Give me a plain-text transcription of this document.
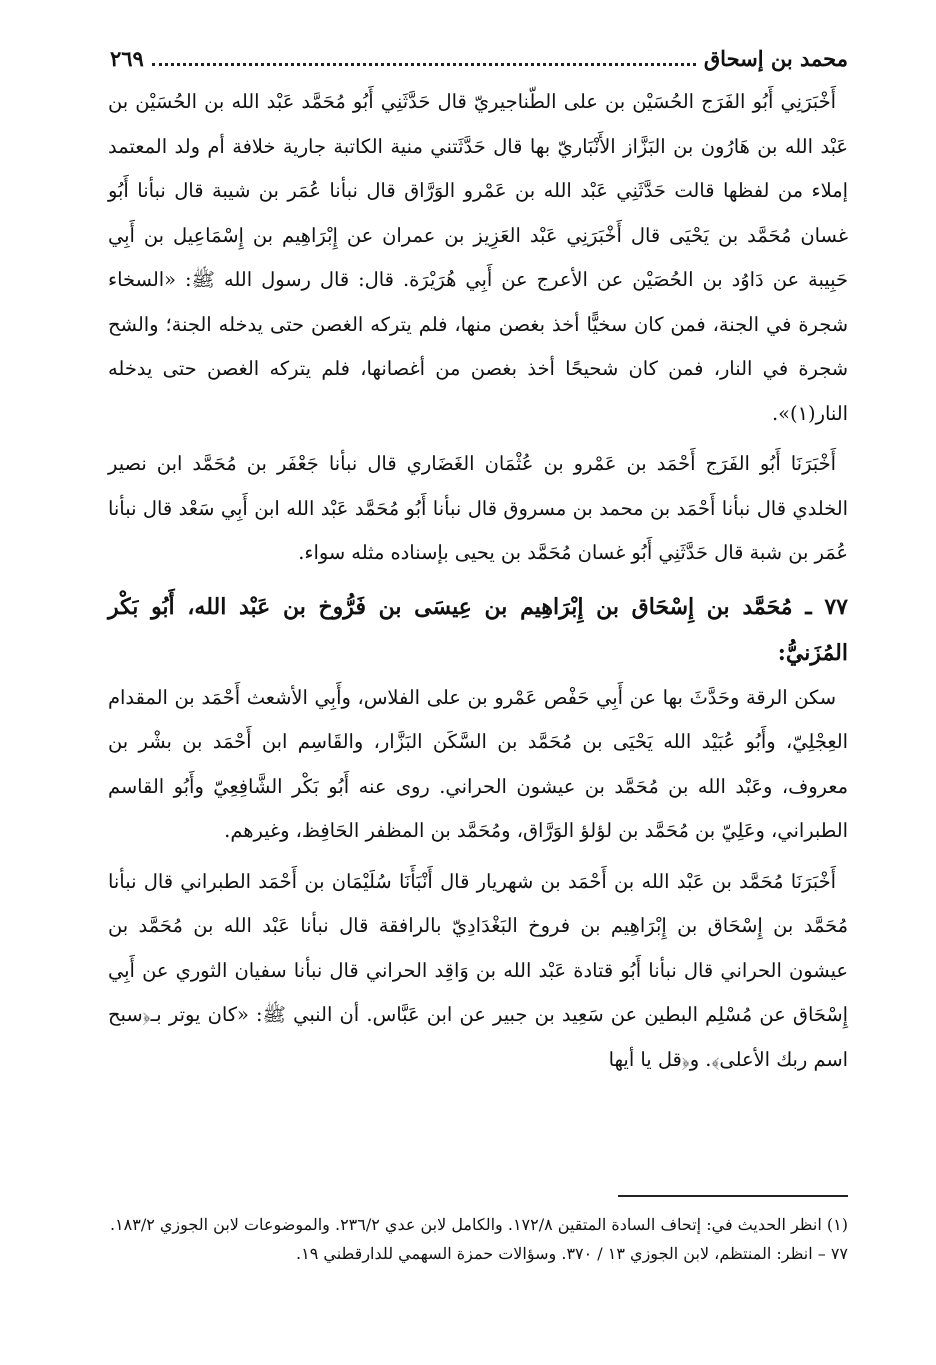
محمد بن إسحاق
٢٦٩

أَخْبَرَنِي أَبُو الفَرَج الحُسَيْن بن على الطّناجيريّ قال حَدَّثَنِي أَبُو مُحَمَّد عَبْد الله بن الحُسَيْن بن عَبْد الله بن هَارُون بن البَزَّاز الأَنْبَاريّ بها قال حَدَّثَتني منية الكاتبة جارية خلافة أم ولد المعتمد إملاء من لفظها قالت حَدَّثَنِي عَبْد الله بن عَمْرو الوَرَّاق قال نبأنا عُمَر بن شيبة قال نبأنا أَبُو غسان مُحَمَّد بن يَحْيَى قال أَخْبَرَنِي عَبْد العَزِيز بن عمران عن إِبْرَاهِيم بن إِسْمَاعِيل بن أَبِي حَبِيبة عن دَاوُد بن الحُصَيْن عن الأعرج عن أَبِي هُرَيْرَة. قال: قال رسول الله ﷺ: «السخاء شجرة في الجنة، فمن كان سخيًّا أخذ بغصن منها، فلم يتركه الغصن حتى يدخله الجنة؛ والشح شجرة في النار، فمن كان شحيحًا أخذ بغصن من أغصانها، فلم يتركه الغصن حتى يدخله النار(١)».

أَخْبَرَنَا أَبُو الفَرَج أَحْمَد بن عَمْرو بن عُثْمَان الغَضَاري قال نبأنا جَعْفَر بن مُحَمَّد ابن نصير الخلدي قال نبأنا أَحْمَد بن محمد بن مسروق قال نبأنا أَبُو مُحَمَّد عَبْد الله ابن أَبِي سَعْد قال نبأنا عُمَر بن شبة قال حَدَّثَنِي أَبُو غسان مُحَمَّد بن يحيى بإسناده مثله سواء.

٧٧ ـ مُحَمَّد بن إِسْحَاق بن إِبْرَاهِيم بن عِيسَى بن فَرُّوخ بن عَبْد الله، أَبُو بَكْر المُزَنيُّ:

سكن الرقة وحَدَّثَ بها عن أَبِي حَفْص عَمْرو بن على الفلاس، وأَبِي الأشعث أَحْمَد بن المقدام العِجْلِيّ، وأَبُو عُبَيْد الله يَحْيَى بن مُحَمَّد بن السَّكَن البَزَّار، والقَاسِم ابن أَحْمَد بن بشْر بن معروف، وعَبْد الله بن مُحَمَّد بن عيشون الحراني. روى عنه أَبُو بَكْر الشَّافِعِيّ وأَبُو القاسم الطبراني، وعَلِيّ بن مُحَمَّد بن لؤلؤ الوَرَّاق، ومُحَمَّد بن المظفر الحَافِظ، وغيرهم.

أَخْبَرَنَا مُحَمَّد بن عَبْد الله بن أَحْمَد بن شهريار قال أَنْبَأَنَا سُلَيْمَان بن أَحْمَد الطبراني قال نبأنا مُحَمَّد بن إِسْحَاق بن إِبْرَاهِيم بن فروخ البَغْدَادِيّ بالرافقة قال نبأنا عَبْد الله بن مُحَمَّد بن عيشون الحراني قال نبأنا أَبُو قتادة عَبْد الله بن وَاقِد الحراني قال نبأنا سفيان الثوري عن أَبِي إِسْحَاق عن مُسْلِم البطين عن سَعِيد بن جبير عن ابن عَبَّاس. أن النبي ﷺ: «كان يوتر بـ﴿سبح اسم ربك الأعلى﴾. و﴿قل يا أيها

(١) انظر الحديث في: إتحاف السادة المتقين ١٧٢/٨. والكامل لابن عدي ٢٣٦/٢. والموضوعات لابن الجوزي ١٨٣/٢.

٧٧ – انظر: المنتظم، لابن الجوزي ١٣ / ٣٧٠. وسؤالات حمزة السهمي للدارقطني ١٩.
